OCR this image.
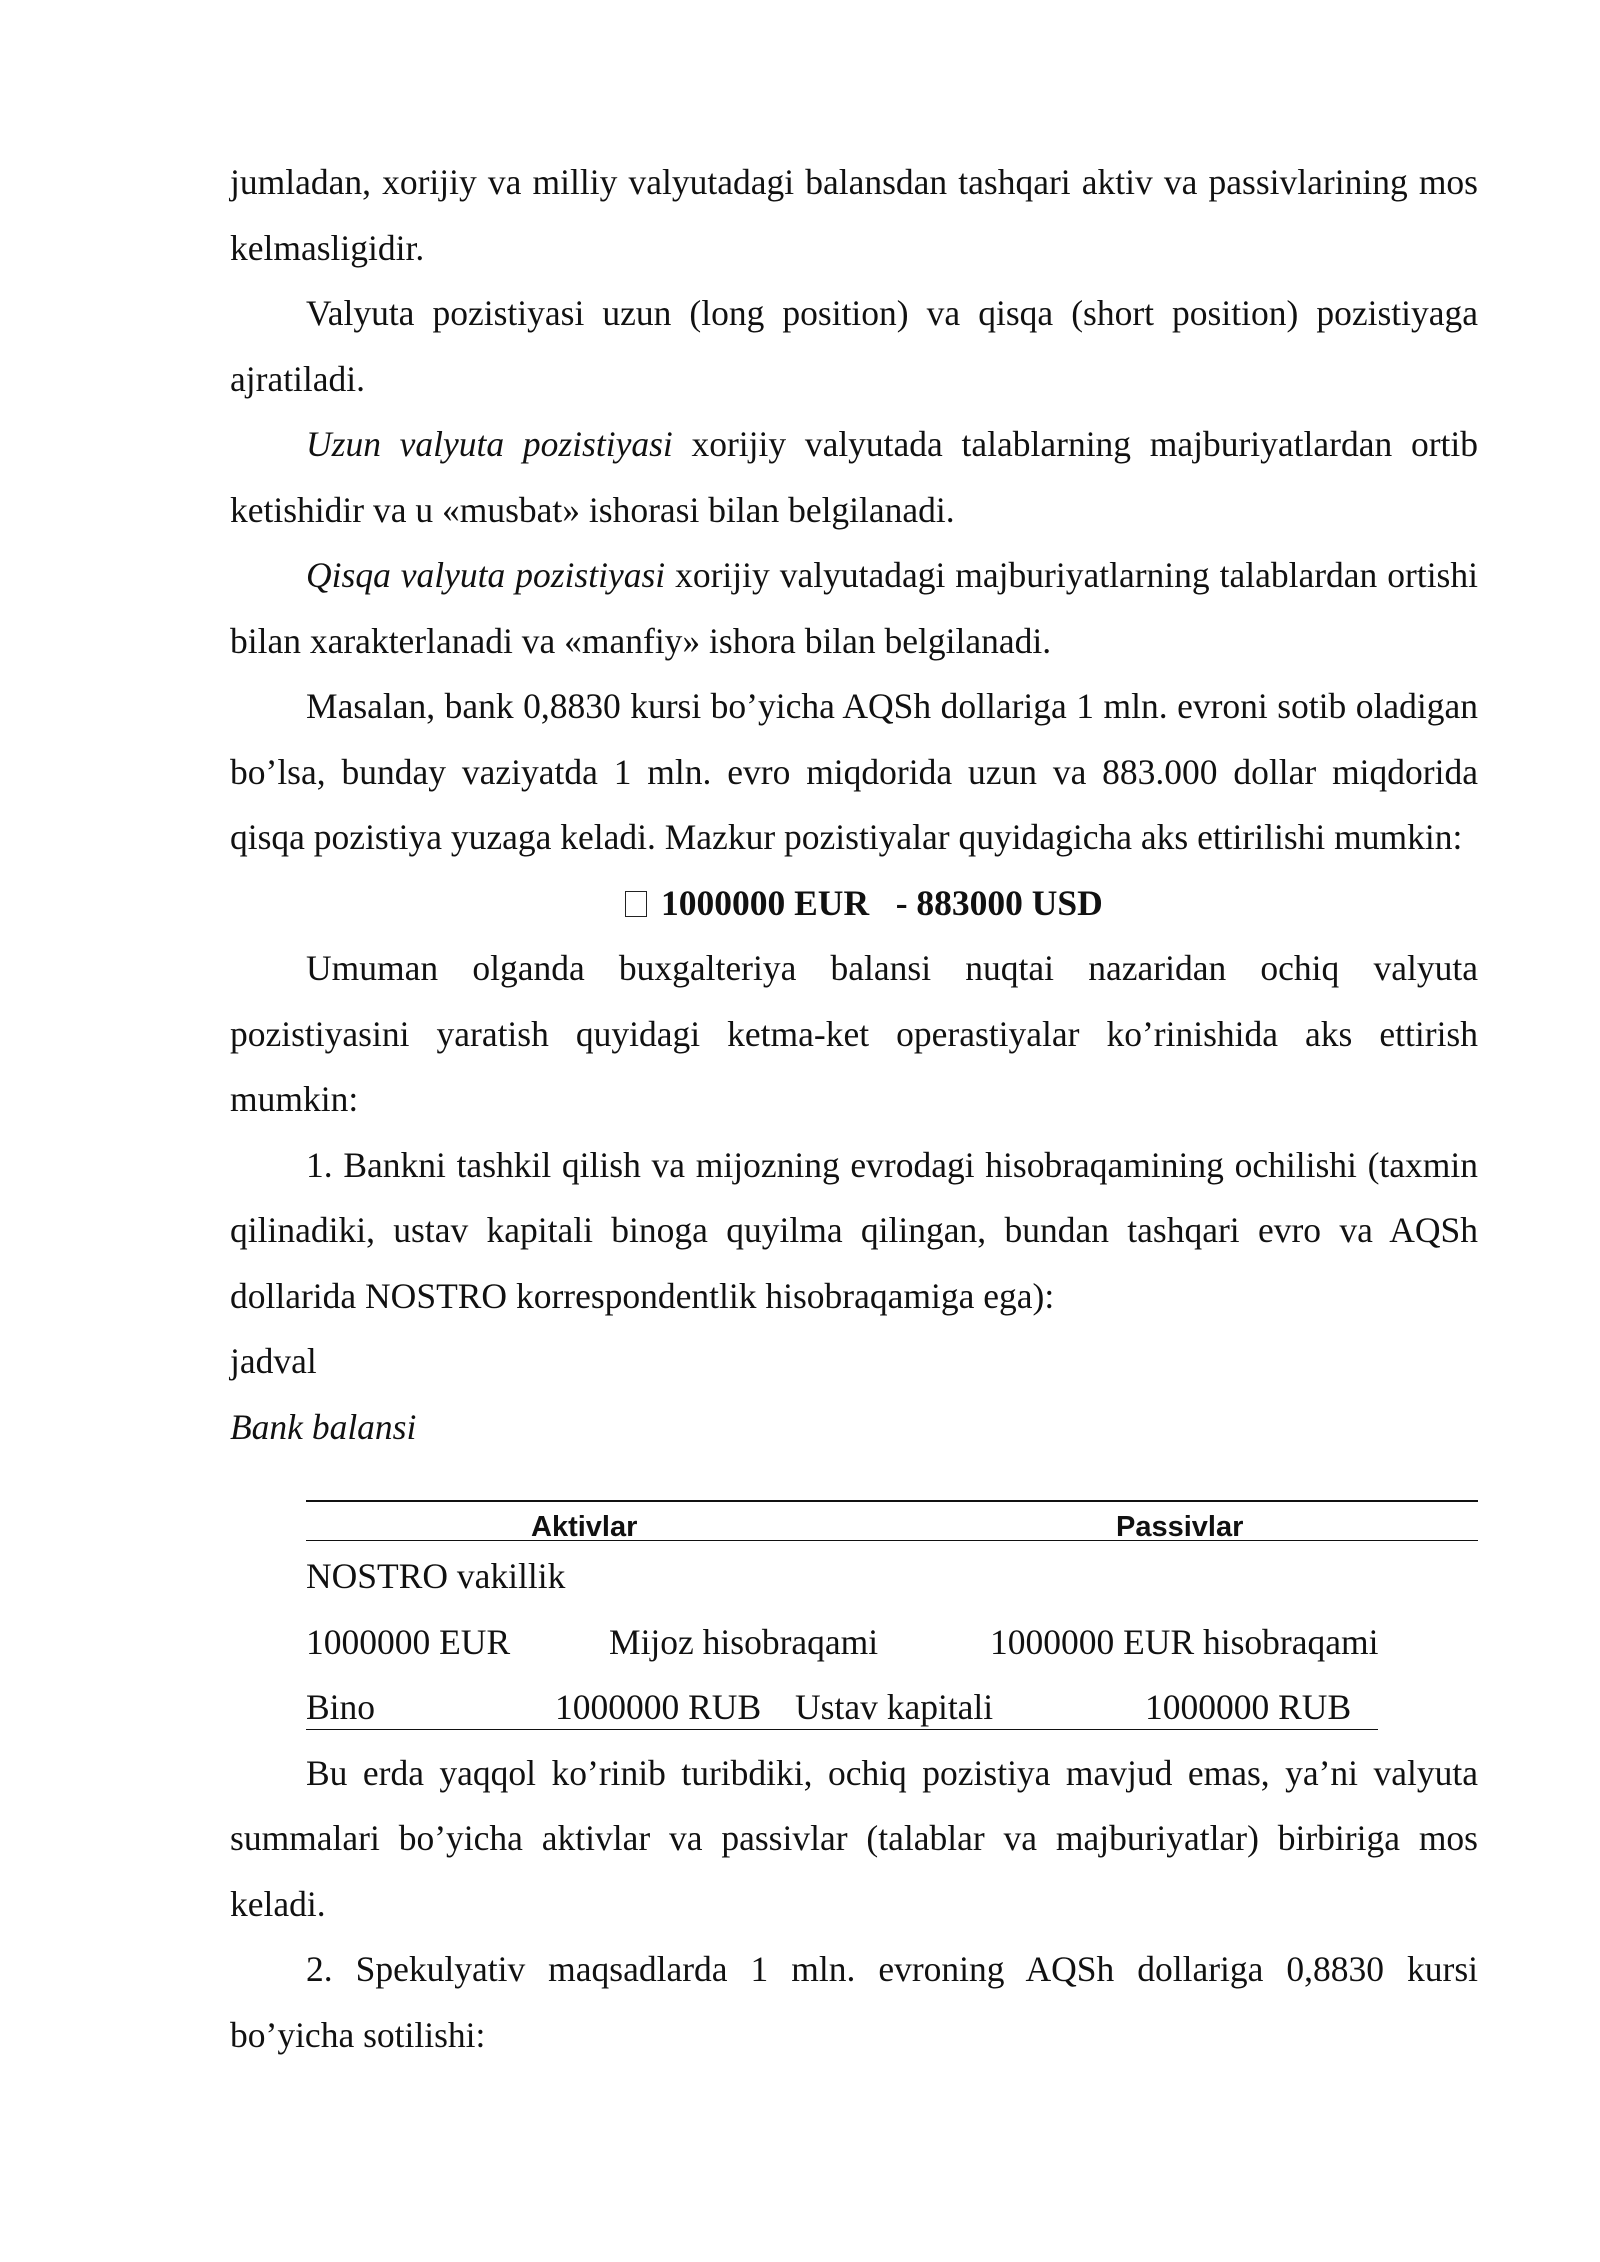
jumladan, xorijiy va milliy valyutadagi balansdan tashqari aktiv va passivlarining mos kelmasligidir.

Valyuta pozistiyasi uzun (long position) va qisqa (short position) pozistiyaga ajratiladi.

Uzun valyuta pozistiyasi xorijiy valyutada talablarning majburiyatlardan ortib ketishidir va u «musbat» ishorasi bilan belgilanadi.

Qisqa valyuta pozistiyasi xorijiy valyutadagi majburiyatlarning talablardan ortishi bilan xarakterlanadi va «manfiy» ishora bilan belgilanadi.

Masalan, bank 0,8830 kursi bo’yicha AQSh dollariga 1 mln. evroni sotib oladigan bo’lsa, bunday vaziyatda 1 mln. evro miqdorida uzun va 883.000 dollar miqdorida qisqa pozistiya yuzaga keladi. Mazkur pozistiyalar quyidagicha aks ettirilishi mumkin:

1000000 EUR   - 883000 USD

Umuman olganda buxgalteriya balansi nuqtai nazaridan ochiq valyuta pozistiyasini yaratish quyidagi ketma-ket operastiyalar ko’rinishida aks ettirish mumkin:

1. Bankni tashkil qilish va mijozning evrodagi hisobraqamining ochilishi (taxmin qilinadiki, ustav kapitali binoga quyilma qilingan, bundan tashqari evro va AQSh dollarida NOSTRO korrespondentlik hisobraqamiga ega):

jadval

Bank balansi

Aktivlar	Passivlar
NOSTRO vakillik
1000000 EUR	Mijoz hisobraqami	1000000 EUR hisobraqami
Bino	1000000 RUB Ustav kapitali	1000000 RUB

Bu erda yaqqol ko’rinib turibdiki, ochiq pozistiya mavjud emas, ya’ni valyuta summalari bo’yicha aktivlar va passivlar (talablar va majburiyatlar) birbiriga mos keladi.

2. Spekulyativ maqsadlarda 1 mln. evroning AQSh dollariga 0,8830 kursi bo’yicha sotilishi:
